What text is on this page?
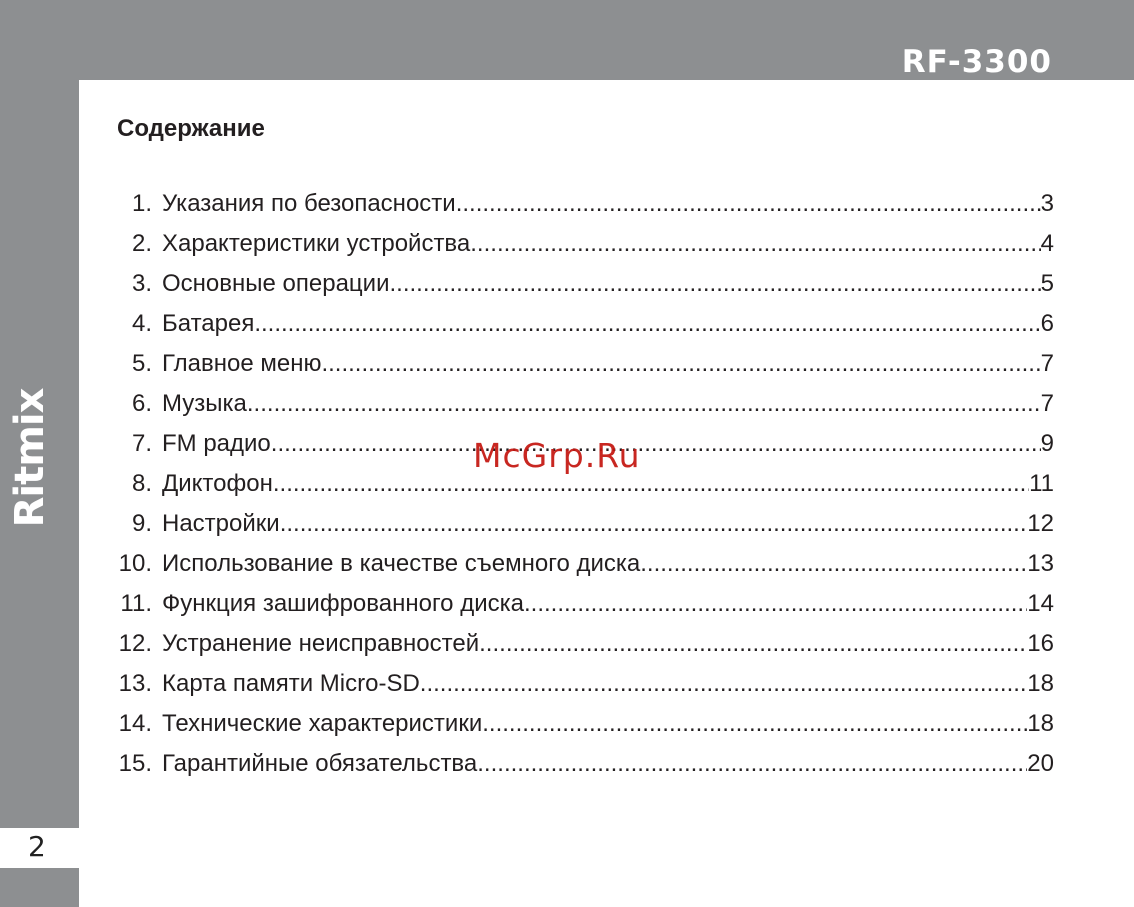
RF-3300
Ritmix
2
Содержание
1. Указания по безопасности .....	3
2. Характеристики устройства .....	4
3. Основные операции .....	5
4. Батарея .....	6
5. Главное меню .....	7
6. Музыка .....	7
7. FM радио .....	9
8. Диктофон .....	11
9. Настройки .....	12
10. Использование в качестве съемного диска .....	13
11. Функция зашифрованного диска .....	14
12. Устранение неисправностей .....	16
13. Карта памяти Micro-SD .....	18
14. Технические характеристики .....	18
15. Гарантийные обязательства .....	20
McGrp.Ru
